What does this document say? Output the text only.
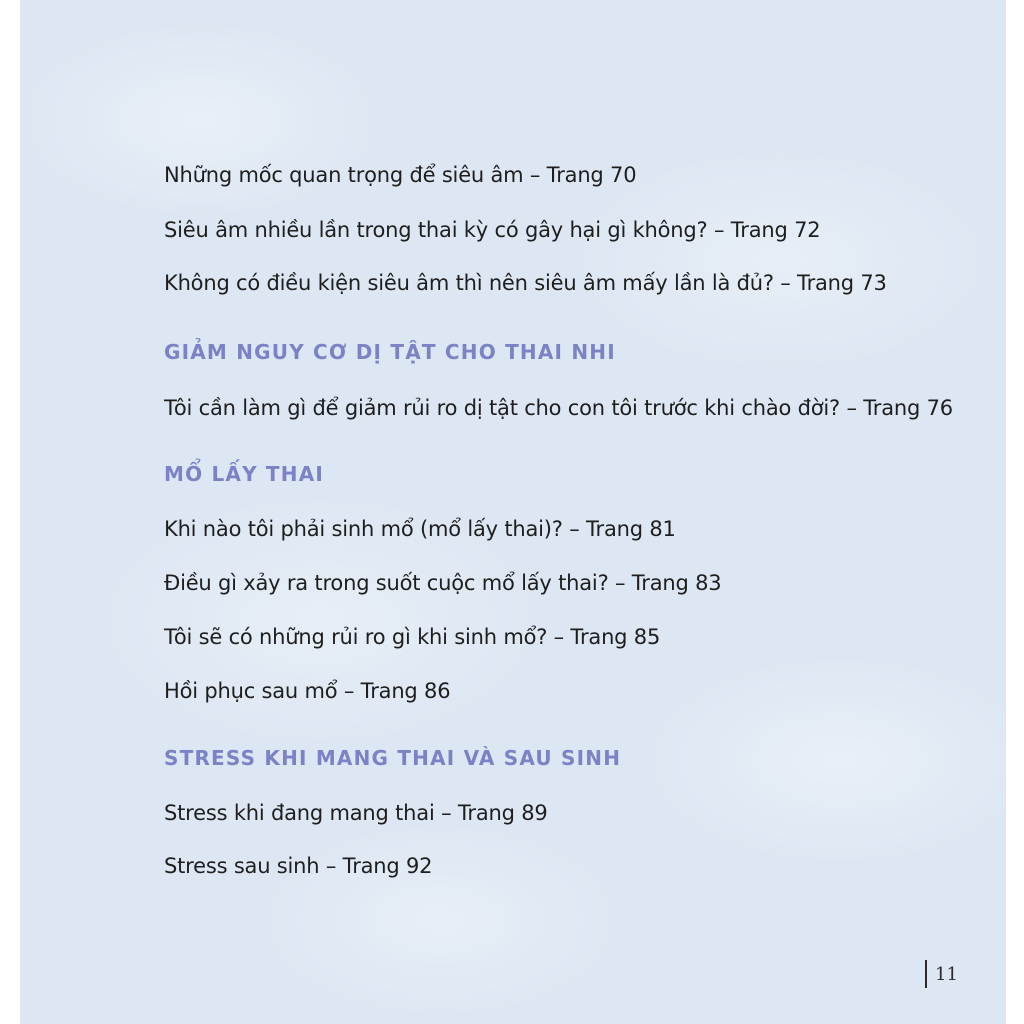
Những mốc quan trọng để siêu âm – Trang 70
Siêu âm nhiều lần trong thai kỳ có gây hại gì không? – Trang 72
Không có điều kiện siêu âm thì nên siêu âm mấy lần là đủ? – Trang 73
GIẢM NGUY CƠ DỊ TẬT CHO THAI NHI
Tôi cần làm gì để giảm rủi ro dị tật cho con tôi trước khi chào đời? – Trang 76
MỔ LẤY THAI
Khi nào tôi phải sinh mổ (mổ lấy thai)? – Trang 81
Điều gì xảy ra trong suốt cuộc mổ lấy thai? – Trang 83
Tôi sẽ có những rủi ro gì khi sinh mổ? – Trang 85
Hồi phục sau mổ – Trang 86
STRESS KHI MANG THAI VÀ SAU SINH
Stress khi đang mang thai – Trang 89
Stress sau sinh – Trang 92
11
